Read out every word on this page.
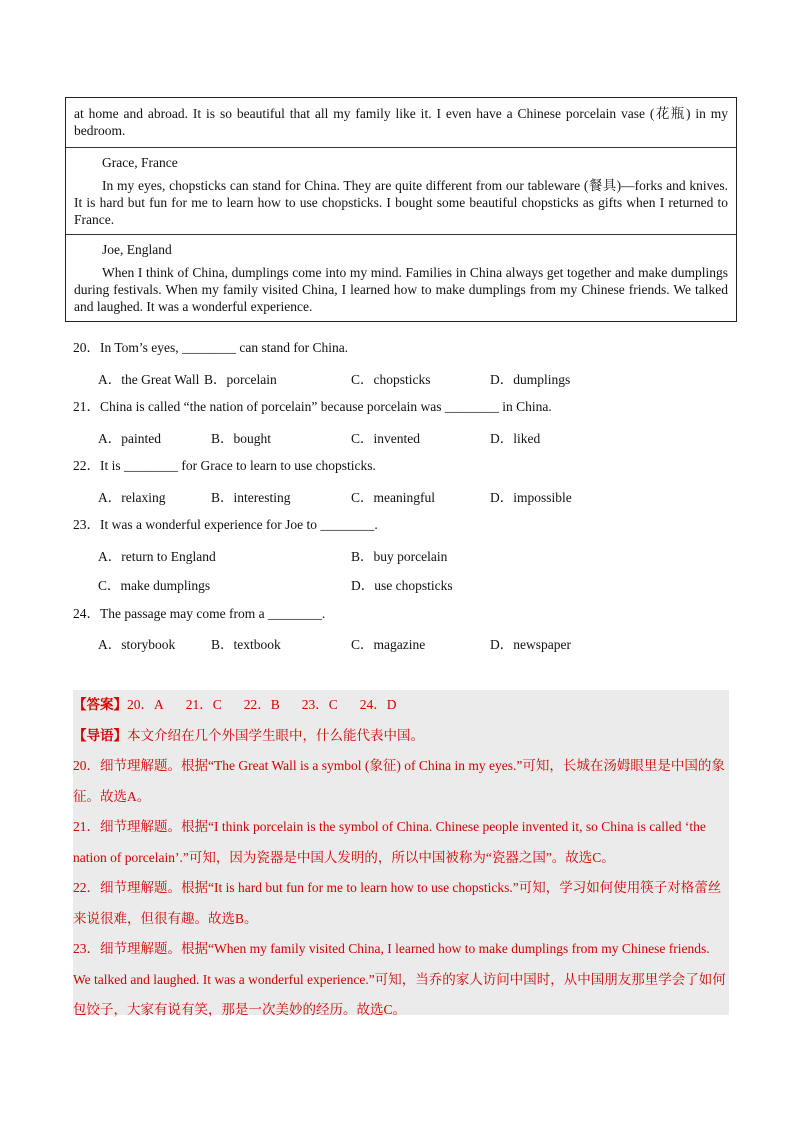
at home and abroad. It is so beautiful that all my family like it. I even have a Chinese porcelain vase (花瓶) in my bedroom.
Grace, France
In my eyes, chopsticks can stand for China. They are quite different from our tableware (餐具)—forks and knives. It is hard but fun for me to learn how to use chopsticks. I bought some beautiful chopsticks as gifts when I returned to France.
Joe, England
When I think of China, dumplings come into my mind. Families in China always get together and make dumplings during festivals. When my family visited China, I learned how to make dumplings from my Chinese friends. We talked and laughed. It was a wonderful experience.
20．In Tom’s eyes, ________ can stand for China.
A．the Great Wall B．porcelain	C．chopsticks	D．dumplings
21．China is called “the nation of porcelain” because porcelain was ________ in China.
A．painted	B．bought	C．invented	D．liked
22．It is ________ for Grace to learn to use chopsticks.
A．relaxing	B．interesting	C．meaningful	D．impossible
23．It was a wonderful experience for Joe to ________.
A．return to England	B．buy porcelain
C．make dumplings	D．use chopsticks
24．The passage may come from a ________.
A．storybook	B．textbook	C．magazine	D．newspaper
【答案】20．A 21．C 22．B 23．C 24．D
【导语】本文介绍在几个外国学生眼中，什么能代表中国。
20．细节理解题。根据“The Great Wall is a symbol (象征) of China in my eyes.”可知，长城在汤姆眼里是中国的象征。故选A。
21．细节理解题。根据“I think porcelain is the symbol of China. Chinese people invented it, so China is called ‘the nation of porcelain’.”可知，因为瓷器是中国人发明的，所以中国被称为“瓷器之国”。故选C。
22．细节理解题。根据“It is hard but fun for me to learn how to use chopsticks.”可知，学习如何使用筷子对格蕾丝来说很难，但很有趣。故选B。
23．细节理解题。根据“When my family visited China, I learned how to make dumplings from my Chinese friends. We talked and laughed. It was a wonderful experience.”可知，当乔的家人访问中国时，从中国朋友那里学会了如何包饺子，大家有说有笑，那是一次美妙的经历。故选C。
